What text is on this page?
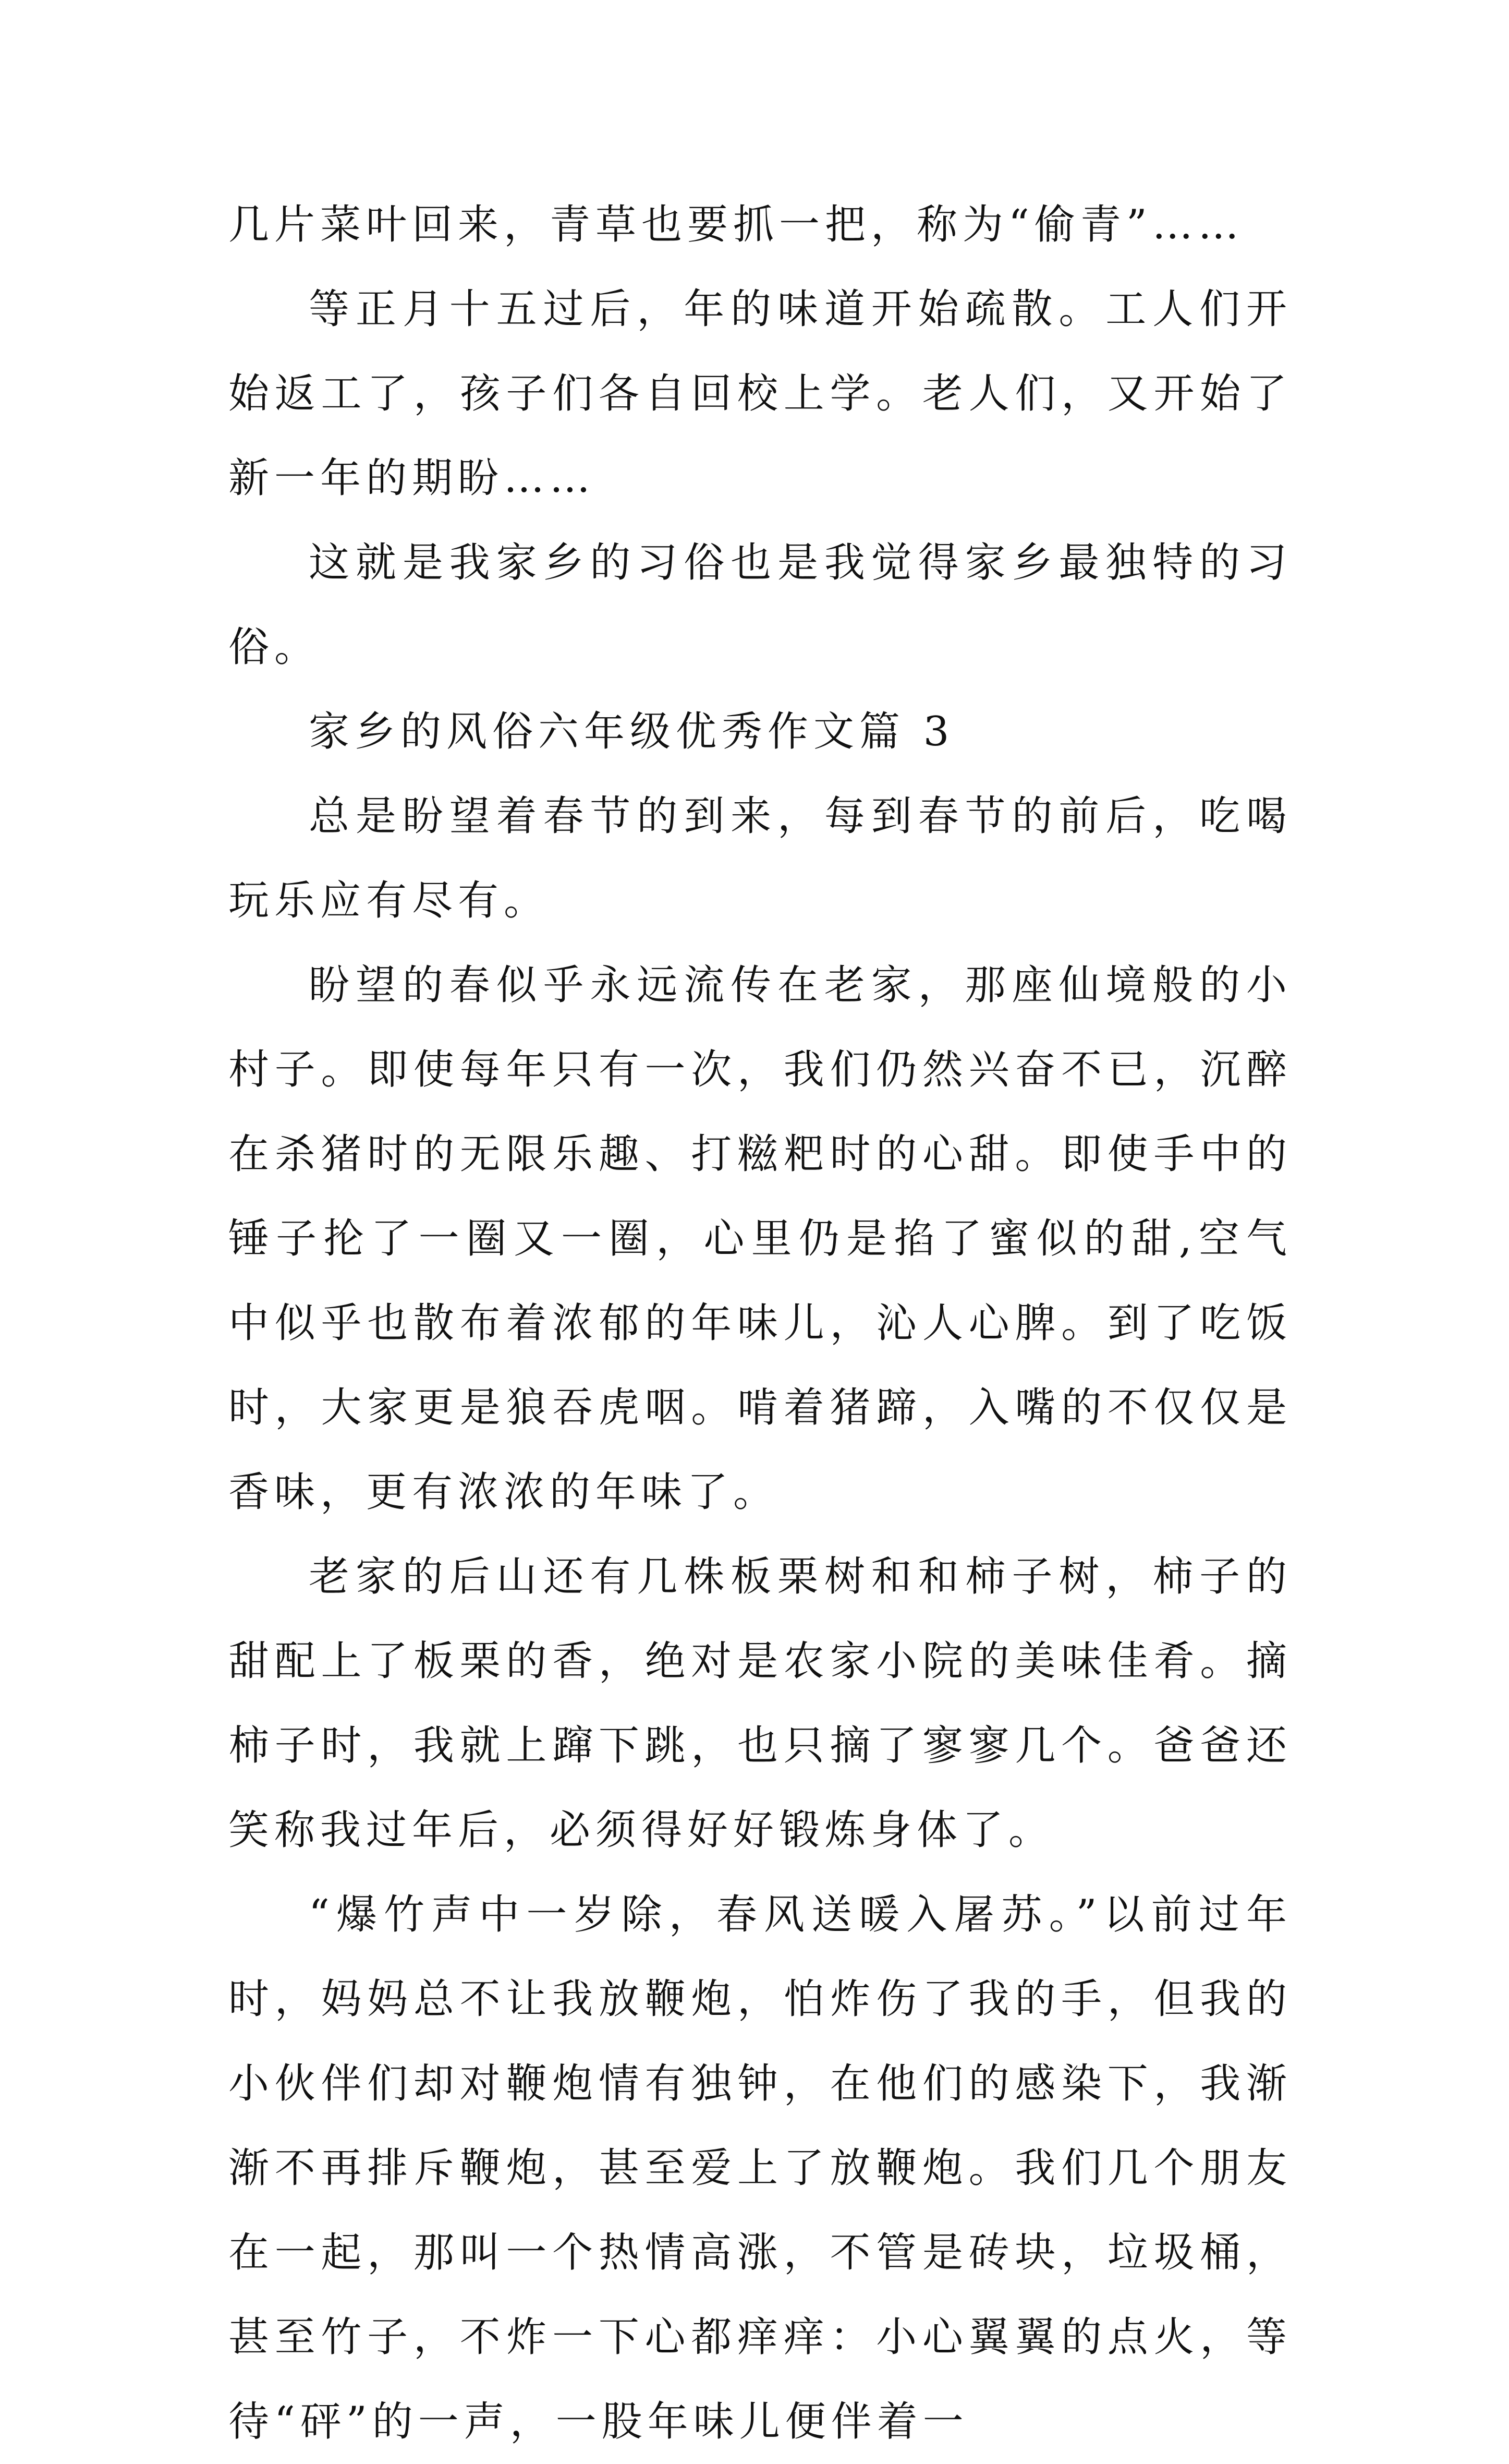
几片菜叶回来，青草也要抓一把，称为“偷青”……

等正月十五过后，年的味道开始疏散。工人们开始返工了，孩子们各自回校上学。老人们，又开始了新一年的期盼……

这就是我家乡的习俗也是我觉得家乡最独特的习俗。

家乡的风俗六年级优秀作文篇 3

总是盼望着春节的到来，每到春节的前后，吃喝玩乐应有尽有。

盼望的春似乎永远流传在老家，那座仙境般的小村子。即使每年只有一次，我们仍然兴奋不已，沉醉在杀猪时的无限乐趣、打糍粑时的心甜。即使手中的锤子抡了一圈又一圈，心里仍是掐了蜜似的甜,空气中似乎也散布着浓郁的年味儿，沁人心脾。到了吃饭时，大家更是狼吞虎咽。啃着猪蹄，入嘴的不仅仅是香味，更有浓浓的年味了。

老家的后山还有几株板栗树和和柿子树，柿子的甜配上了板栗的香，绝对是农家小院的美味佳肴。摘柿子时，我就上蹿下跳，也只摘了寥寥几个。爸爸还笑称我过年后，必须得好好锻炼身体了。

“爆竹声中一岁除，春风送暖入屠苏。”以前过年时，妈妈总不让我放鞭炮，怕炸伤了我的手，但我的小伙伴们却对鞭炮情有独钟，在他们的感染下，我渐渐不再排斥鞭炮，甚至爱上了放鞭炮。我们几个朋友在一起，那叫一个热情高涨，不管是砖块，垃圾桶，甚至竹子，不炸一下心都痒痒：小心翼翼的点火，等待“砰”的一声，一股年味儿便伴着一
